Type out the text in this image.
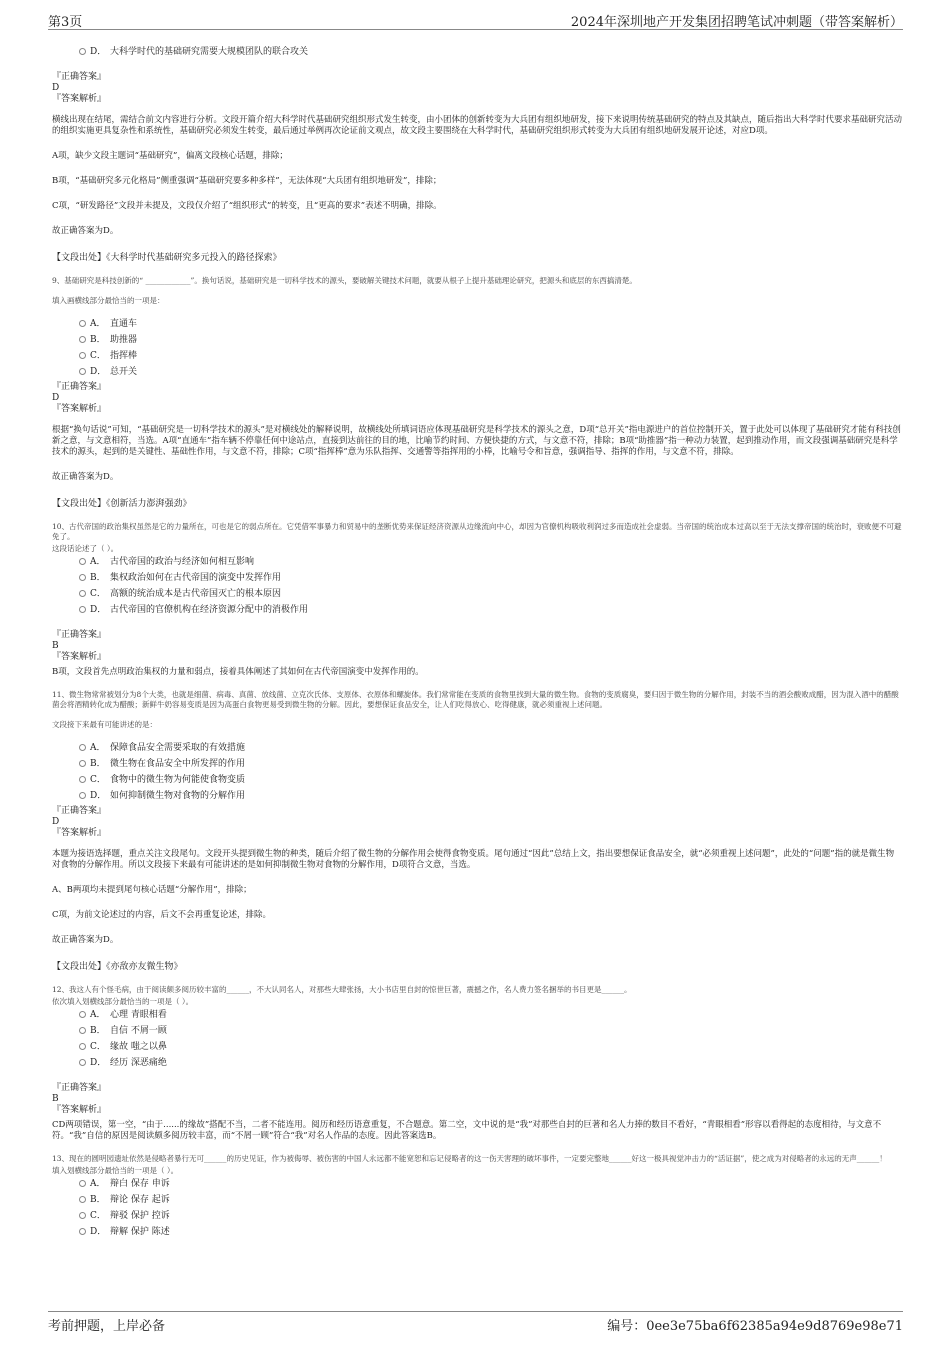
第3页	2024年深圳地产开发集团招聘笔试冲刺题（带答案解析）
D． 大科学时代的基础研究需要大规模团队的联合攻关
『正确答案』
D
『答案解析』
横线出现在结尾，需结合前文内容进行分析。文段开篇介绍大科学时代基础研究组织形式发生转变，由小团体的创新转变为大兵团有组织地研发，接下来说明传统基础研究的特点及其缺点，随后指出大科学时代要求基础研究活动的组织实施更具复杂性和系统性，基础研究必须发生转变，最后通过举例再次论证前文观点，故文段主要围绕在大科学时代，基础研究组织形式转变为大兵团有组织地研发展开论述，对应D项。
A项，缺少文段主题词“基础研究”，偏离文段核心话题，排除；
B项，“基础研究多元化格局”侧重强调“基础研究要多种多样”，无法体现“大兵团有组织地研发”，排除；
C项，“研发路径”文段并未提及，文段仅介绍了“组织形式”的转变，且“更高的要求”表述不明确，排除。
故正确答案为D。
【文段出处】《大科学时代基础研究多元投入的路径探索》
9、基础研究是科技创新的“ ____________”。换句话说，基础研究是一切科学技术的源头，要破解关键技术问题，就要从根子上提升基础理论研究，把源头和底层的东西搞清楚。
填入画横线部分最恰当的一项是：
A． 直通车
B． 助推器
C． 指挥棒
D． 总开关
『正确答案』
D
『答案解析』
根据“换句话说”可知，“基础研究是一切科学技术的源头”是对横线处的解释说明，故横线处所填词语应体现基础研究是科学技术的源头之意，D项“总开关”指电源进户的首位控制开关，置于此处可以体现了基础研究才能有科技创新之意，与文意相符，当选。A项“直通车”指车辆不停靠任何中途站点，直接到达前往的目的地，比喻节约时间、方便快捷的方式，与文意不符，排除；B项“助推器”指一种动力装置，起到推动作用，而文段强调基础研究是科学技术的源头，起到的是关键性、基础性作用，与文意不符，排除；C项“指挥棒”意为乐队指挥、交通警等指挥用的小棒，比喻号令和旨意，强调指导、指挥的作用，与文意不符，排除。
故正确答案为D。
【文段出处】《创新活力澎湃强劲》
10、古代帝国的政治集权虽然是它的力量所在，可也是它的弱点所在。它凭借军事暴力和贸易中的垄断优势来保证经济资源从边缘流向中心，却因为官僚机构吸收利润过多而造成社会虚弱。当帝国的统治成本过高以至于无法支撑帝国的统治时，衰败便不可避免了。
这段话论述了（ ）。
A． 古代帝国的政治与经济如何相互影响
B． 集权政治如何在古代帝国的演变中发挥作用
C． 高额的统治成本是古代帝国灭亡的根本原因
D． 古代帝国的官僚机构在经济资源分配中的消极作用
『正确答案』
B
『答案解析』
B项，文段首先点明政治集权的力量和弱点，接着具体阐述了其如何在古代帝国演变中发挥作用的。
11、微生物常常被划分为8个大类，也就是细菌、病毒、真菌、放线菌、立克次氏体、支原体、衣原体和螺旋体。我们常常能在变质的食物里找到大量的微生物。食物的变质腐臭，要归因于微生物的分解作用，封装不当的酒会酸败成醋，因为混入酒中的醋酸菌会将酒精转化成为醋酸；新鲜牛奶容易变质是因为高蛋白食物更易受到微生物的分解。因此，要想保证食品安全，让人们吃得放心、吃得健康，就必须重视上述问题。
文段接下来最有可能讲述的是：
A． 保障食品安全需要采取的有效措施
B． 微生物在食品安全中所发挥的作用
C． 食物中的微生物为何能使食物变质
D． 如何抑制微生物对食物的分解作用
『正确答案』
D
『答案解析』
本题为接语选择题，重点关注文段尾句。文段开头提到微生物的种类，随后介绍了微生物的分解作用会使得食物变质。尾句通过“因此”总结上文，指出要想保证食品安全，就“必须重视上述问题”，此处的“问题”指的就是微生物对食物的分解作用。所以文段接下来最有可能讲述的是如何抑制微生物对食物的分解作用，D项符合文意，当选。
A、B两项均未提到尾句核心话题“分解作用”，排除；
C项，为前文论述过的内容，后文不会再重复论述，排除。
故正确答案为D。
【文段出处】《亦敌亦友微生物》
12、我这人有个怪毛病，由于阅读颇多阅历较丰富的______，不大认同名人，对那些大肆张扬，大小书店里自封的惊世巨著，震撼之作，名人费力签名捆举的书目更是______。
依次填入划横线部分最恰当的一项是（ ）。
A． 心理 青眼相看
B． 自信 不屑一顾
C． 缘故 嗤之以鼻
D． 经历 深恶痛绝
『正确答案』
B
『答案解析』
CD两项错误，第一空，“由于......的缘故”搭配不当，二者不能连用。阅历和经历语意重复，不合题意。第二空，文中说的是“我”对那些自封的巨著和名人力捧的数目不看好，“青眼相看”形容以看得起的态度相待，与文意不符。“我”自信的原因是阅读颇多阅历较丰富，而“不屑一顾”符合“我”对名人作品的态度。因此答案选B。
13、现在的圆明园遗址依然是侵略者暴行无可______的历史见证，作为被侮辱、被伤害的中国人永远都不能宽恕和忘记侵略者的这一伤天害理的破坏事件，一定要完整地______好这一极具视觉冲击力的“活证据”，使之成为对侵略者的永远的无声______！
填入划横线部分最恰当的一项是（ ）。
A． 辩白 保存 申诉
B． 辩论 保存 起诉
C． 辩驳 保护 控诉
D． 辩解 保护 陈述
考前押题，上岸必备	编号：0ee3e75ba6f62385a94e9d8769e98e71
